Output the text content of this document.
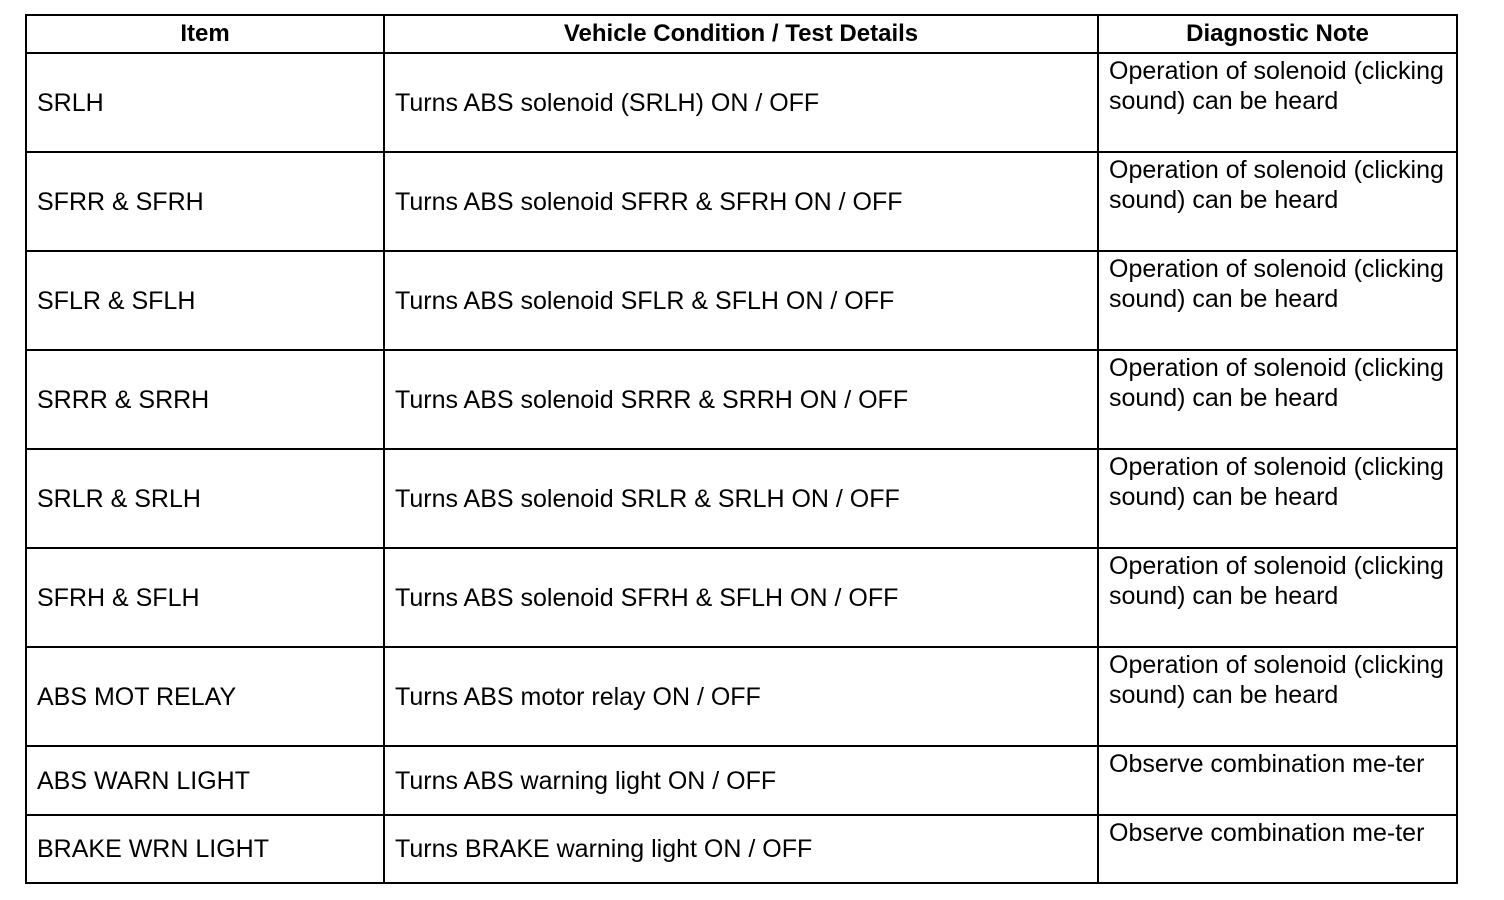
Item	Vehicle Condition / Test Details	Diagnostic Note
SRLH	Turns ABS solenoid (SRLH) ON / OFF	Operation of solenoid (clicking sound) can be heard
SFRR & SFRH	Turns ABS solenoid SFRR & SFRH ON / OFF	Operation of solenoid (clicking sound) can be heard
SFLR & SFLH	Turns ABS solenoid SFLR & SFLH ON / OFF	Operation of solenoid (clicking sound) can be heard
SRRR & SRRH	Turns ABS solenoid SRRR & SRRH ON / OFF	Operation of solenoid (clicking sound) can be heard
SRLR & SRLH	Turns ABS solenoid SRLR & SRLH ON / OFF	Operation of solenoid (clicking sound) can be heard
SFRH & SFLH	Turns ABS solenoid SFRH & SFLH ON / OFF	Operation of solenoid (clicking sound) can be heard
ABS MOT RELAY	Turns ABS motor relay ON / OFF	Operation of solenoid (clicking sound) can be heard
ABS WARN LIGHT	Turns ABS warning light ON / OFF	Observe combination me-ter
BRAKE WRN LIGHT	Turns BRAKE warning light ON / OFF	Observe combination me-ter
